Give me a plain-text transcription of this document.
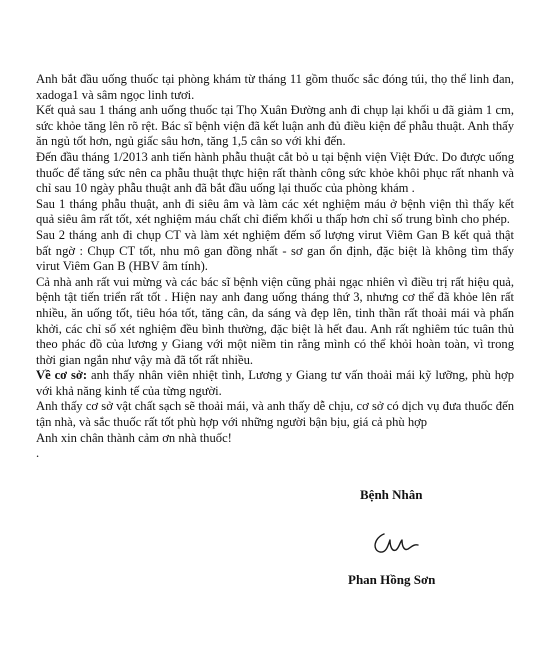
Anh bắt đầu uống thuốc tại phòng khám từ tháng 11 gồm thuốc sắc đóng túi, thọ thể linh đan, xadoga1 và sâm ngọc linh tươi.

Kết quả sau 1 tháng anh uống thuốc tại Thọ Xuân Đường anh đi chụp lại khối u đã giảm 1 cm, sức khỏe tăng lên rõ rệt. Bác sĩ bệnh viện đã kết luận anh đủ điều kiện để phẫu thuật. Anh thấy ăn ngủ tốt hơn, ngủ giấc sâu hơn, tăng 1,5 cân so với khi đến.

Đến đầu tháng 1/2013 anh tiến hành phẫu thuật cắt bỏ u tại bệnh viện Việt Đức. Do được uống thuốc để tăng sức nên ca phẫu thuật thực hiện rất thành công sức khỏe khôi phục rất nhanh và chỉ sau 10 ngày phẫu thuật anh đã bắt đầu uống lại thuốc của phòng khám .

Sau 1 tháng phẫu thuật, anh đi siêu âm và làm các xét nghiệm máu ở bệnh viện thì thấy kết quả siêu âm rất tốt, xét nghiệm máu chất chỉ điểm khối u thấp hơn chỉ số trung bình cho phép.

Sau 2 tháng anh đi chụp CT và làm xét nghiệm đếm số lượng virut Viêm Gan B kết quả thật bất ngờ : Chụp CT tốt, nhu mô gan đồng nhất - sơ gan ổn định, đặc biệt là không tìm thấy virut Viêm Gan B (HBV âm tính).

Cả nhà anh rất vui mừng và các bác sĩ bệnh viện cũng phải ngạc nhiên vì điều trị rất hiệu quả, bệnh tật tiến triển rất tốt . Hiện nay anh đang uống tháng thứ 3, nhưng cơ thể đã khỏe lên rất nhiều, ăn uống tốt, tiêu hóa tốt, tăng cân, da sáng và đẹp lên, tinh thần rất thoải mái và phấn khởi, các chỉ số xét nghiệm đều bình thường, đặc biệt là hết đau. Anh rất nghiêm túc tuân thủ theo phác đồ của lương y Giang với một niềm tin rằng mình có thể khỏi hoàn toàn, vì trong thời gian ngắn như vậy mà đã tốt rất nhiều.

Về cơ sở: anh thấy nhân viên nhiệt tình, Lương y Giang tư vấn thoải mái kỹ lưỡng, phù hợp với khả năng kinh tế của từng người.

Anh thấy cơ sở vật chất sạch sẽ thoải mái, và anh thấy dễ chịu, cơ sở có dịch vụ đưa thuốc đến tận nhà, và sắc thuốc rất tốt phù hợp với những người bận bịu, giá cả phù hợp

Anh xin chân thành cảm ơn nhà thuốc!

.

Bệnh Nhân
Phan Hồng Sơn
